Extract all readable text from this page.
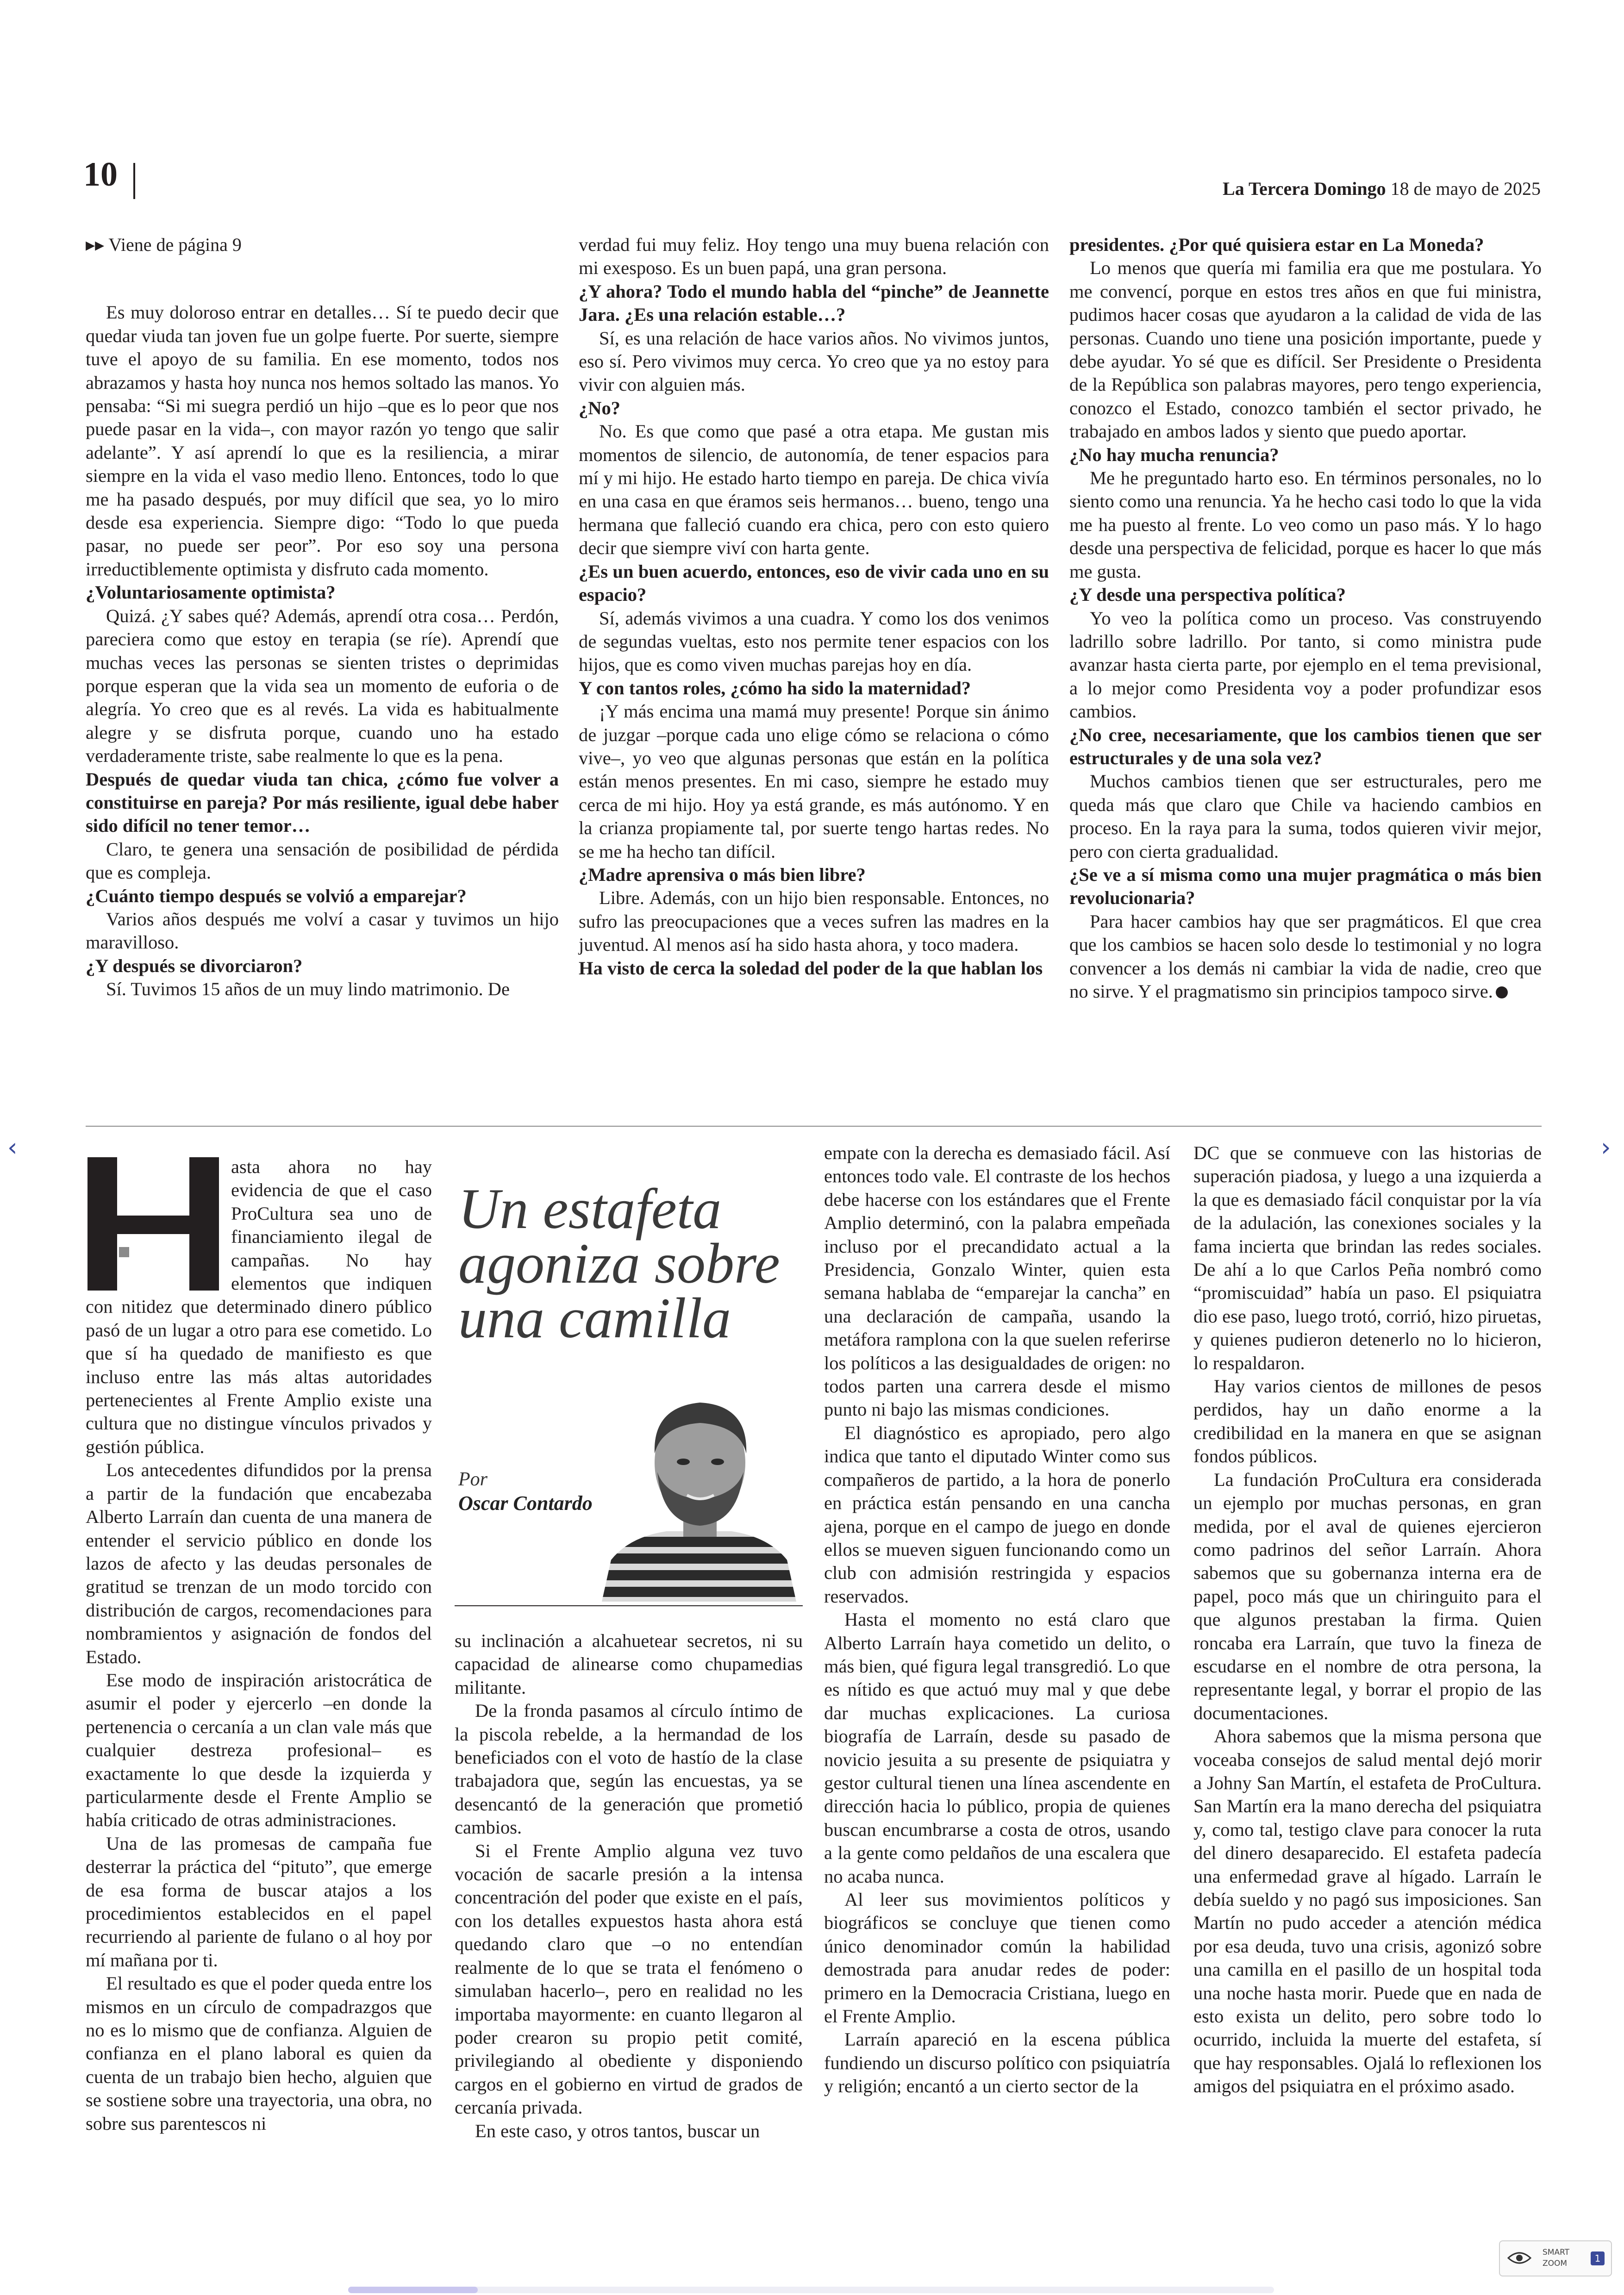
10	La Tercera Domingo 18 de mayo de 2025

▸▸ Viene de página 9

Es muy doloroso entrar en detalles… Sí te puedo decir que quedar viuda tan joven fue un golpe fuerte. Por suerte, siempre tuve el apoyo de su familia. En ese momento, todos nos abrazamos y hasta hoy nunca nos hemos soltado las manos. Yo pensaba: “Si mi suegra perdió un hijo –que es lo peor que nos puede pasar en la vida–, con mayor razón yo tengo que salir adelante”. Y así aprendí lo que es la resiliencia, a mirar siempre en la vida el vaso medio lleno. Entonces, todo lo que me ha pasado después, por muy difícil que sea, yo lo miro desde esa experiencia. Siempre digo: “Todo lo que pueda pasar, no puede ser peor”. Por eso soy una persona irreductiblemente optimista y disfruto cada momento.

¿Voluntariosamente optimista?

Quizá. ¿Y sabes qué? Además, aprendí otra cosa… Perdón, pareciera como que estoy en terapia (se ríe). Aprendí que muchas veces las personas se sienten tristes o deprimidas porque esperan que la vida sea un momento de euforia o de alegría. Yo creo que es al revés. La vida es habitualmente alegre y se disfruta porque, cuando uno ha estado verdaderamente triste, sabe realmente lo que es la pena.

Después de quedar viuda tan chica, ¿cómo fue volver a constituirse en pareja? Por más resiliente, igual debe haber sido difícil no tener temor…

Claro, te genera una sensación de posibilidad de pérdida que es compleja.

¿Cuánto tiempo después se volvió a emparejar?

Varios años después me volví a casar y tuvimos un hijo maravilloso.

¿Y después se divorciaron?

Sí. Tuvimos 15 años de un muy lindo matrimonio. De

verdad fui muy feliz. Hoy tengo una muy buena relación con mi exesposo. Es un buen papá, una gran persona.

¿Y ahora? Todo el mundo habla del “pinche” de Jeannette Jara. ¿Es una relación estable…?

Sí, es una relación de hace varios años. No vivimos juntos, eso sí. Pero vivimos muy cerca. Yo creo que ya no estoy para vivir con alguien más.

¿No?

No. Es que como que pasé a otra etapa. Me gustan mis momentos de silencio, de autonomía, de tener espacios para mí y mi hijo. He estado harto tiempo en pareja. De chica vivía en una casa en que éramos seis hermanos… bueno, tengo una hermana que falleció cuando era chica, pero con esto quiero decir que siempre viví con harta gente.

¿Es un buen acuerdo, entonces, eso de vivir cada uno en su espacio?

Sí, además vivimos a una cuadra. Y como los dos venimos de segundas vueltas, esto nos permite tener espacios con los hijos, que es como viven muchas parejas hoy en día.

Y con tantos roles, ¿cómo ha sido la maternidad?

¡Y más encima una mamá muy presente! Porque sin ánimo de juzgar –porque cada uno elige cómo se relaciona o cómo vive–, yo veo que algunas personas que están en la política están menos presentes. En mi caso, siempre he estado muy cerca de mi hijo. Hoy ya está grande, es más autónomo. Y en la crianza propiamente tal, por suerte tengo hartas redes. No se me ha hecho tan difícil.

¿Madre aprensiva o más bien libre?

Libre. Además, con un hijo bien responsable. Entonces, no sufro las preocupaciones que a veces sufren las madres en la juventud. Al menos así ha sido hasta ahora, y toco madera.

Ha visto de cerca la soledad del poder de la que hablan los

presidentes. ¿Por qué quisiera estar en La Moneda?

Lo menos que quería mi familia era que me postulara. Yo me convencí, porque en estos tres años en que fui ministra, pudimos hacer cosas que ayudaron a la calidad de vida de las personas. Cuando uno tiene una posición importante, puede y debe ayudar. Yo sé que es difícil. Ser Presidente o Presidenta de la República son palabras mayores, pero tengo experiencia, conozco el Estado, conozco también el sector privado, he trabajado en ambos lados y siento que puedo aportar.

¿No hay mucha renuncia?

Me he preguntado harto eso. En términos personales, no lo siento como una renuncia. Ya he hecho casi todo lo que la vida me ha puesto al frente. Lo veo como un paso más. Y lo hago desde una perspectiva de felicidad, porque es hacer lo que más me gusta.

¿Y desde una perspectiva política?

Yo veo la política como un proceso. Vas construyendo ladrillo sobre ladrillo. Por tanto, si como ministra pude avanzar hasta cierta parte, por ejemplo en el tema previsional, a lo mejor como Presidenta voy a poder profundizar esos cambios.

¿No cree, necesariamente, que los cambios tienen que ser estructurales y de una sola vez?

Muchos cambios tienen que ser estructurales, pero me queda más que claro que Chile va haciendo cambios en proceso. En la raya para la suma, todos quieren vivir mejor, pero con cierta gradualidad.

¿Se ve a sí misma como una mujer pragmática o más bien revolucionaria?

Para hacer cambios hay que ser pragmáticos. El que crea que los cambios se hacen solo desde lo testimonial y no logra convencer a los demás ni cambiar la vida de nadie, creo que no sirve. Y el pragmatismo sin principios tampoco sirve.

‹	›

asta ahora no hay evidencia de que el caso ProCultura sea uno de financiamiento ilegal de campañas. No hay elementos que indiquen con nitidez que determinado dinero público pasó de un lugar a otro para ese cometido. Lo que sí ha quedado de manifiesto es que incluso entre las más altas autoridades pertenecientes al Frente Amplio existe una cultura que no distingue vínculos privados y gestión pública.

Los antecedentes difundidos por la prensa a partir de la fundación que encabezaba Alberto Larraín dan cuenta de una manera de entender el servicio público en donde los lazos de afecto y las deudas personales de gratitud se trenzan de un modo torcido con distribución de cargos, recomendaciones para nombramientos y asignación de fondos del Estado.

Ese modo de inspiración aristocrática de asumir el poder y ejercerlo –en donde la pertenencia o cercanía a un clan vale más que cualquier destreza profesional– es exactamente lo que desde la izquierda y particularmente desde el Frente Amplio se había criticado de otras administraciones.

Una de las promesas de campaña fue desterrar la práctica del “pituto”, que emerge de esa forma de buscar atajos a los procedimientos establecidos en el papel recurriendo al pariente de fulano o al hoy por mí mañana por ti.

El resultado es que el poder queda entre los mismos en un círculo de compadrazgos que no es lo mismo que de confianza. Alguien de confianza en el plano laboral es quien da cuenta de un trabajo bien hecho, alguien que se sostiene sobre una trayectoria, una obra, no sobre sus parentescos ni

Un estafeta agoniza sobre una camilla
Por
Oscar Contardo

su inclinación a alcahuetear secretos, ni su capacidad de alinearse como chupamedias militante.

De la fronda pasamos al círculo íntimo de la piscola rebelde, a la hermandad de los beneficiados con el voto de hastío de la clase trabajadora que, según las encuestas, ya se desencantó de la generación que prometió cambios.

Si el Frente Amplio alguna vez tuvo vocación de sacarle presión a la intensa concentración del poder que existe en el país, con los detalles expuestos hasta ahora está quedando claro que –o no entendían realmente de lo que se trata el fenómeno o simulaban hacerlo–, pero en realidad no les importaba mayormente: en cuanto llegaron al poder crearon su propio petit comité, privilegiando al obediente y disponiendo cargos en el gobierno en virtud de grados de cercanía privada.

En este caso, y otros tantos, buscar un

empate con la derecha es demasiado fácil. Así entonces todo vale. El contraste de los hechos debe hacerse con los estándares que el Frente Amplio determinó, con la palabra empeñada incluso por el precandidato actual a la Presidencia, Gonzalo Winter, quien esta semana hablaba de “emparejar la cancha” en una declaración de campaña, usando la metáfora ramplona con la que suelen referirse los políticos a las desigualdades de origen: no todos parten una carrera desde el mismo punto ni bajo las mismas condiciones.

El diagnóstico es apropiado, pero algo indica que tanto el diputado Winter como sus compañeros de partido, a la hora de ponerlo en práctica están pensando en una cancha ajena, porque en el campo de juego en donde ellos se mueven siguen funcionando como un club con admisión restringida y espacios reservados.

Hasta el momento no está claro que Alberto Larraín haya cometido un delito, o más bien, qué figura legal transgredió. Lo que es nítido es que actuó muy mal y que debe dar muchas explicaciones. La curiosa biografía de Larraín, desde su pasado de novicio jesuita a su presente de psiquiatra y gestor cultural tienen una línea ascendente en dirección hacia lo público, propia de quienes buscan encumbrarse a costa de otros, usando a la gente como peldaños de una escalera que no acaba nunca.

Al leer sus movimientos políticos y biográficos se concluye que tienen como único denominador común la habilidad demostrada para anudar redes de poder: primero en la Democracia Cristiana, luego en el Frente Amplio.

Larraín apareció en la escena pública fundiendo un discurso político con psiquiatría y religión; encantó a un cierto sector de la

DC que se conmueve con las historias de superación piadosa, y luego a una izquierda a la que es demasiado fácil conquistar por la vía de la adulación, las conexiones sociales y la fama incierta que brindan las redes sociales. De ahí a lo que Carlos Peña nombró como “promiscuidad” había un paso. El psiquiatra dio ese paso, luego trotó, corrió, hizo piruetas, y quienes pudieron detenerlo no lo hicieron, lo respaldaron.

Hay varios cientos de millones de pesos perdidos, hay un daño enorme a la credibilidad en la manera en que se asignan fondos públicos.

La fundación ProCultura era considerada un ejemplo por muchas personas, en gran medida, por el aval de quienes ejercieron como padrinos del señor Larraín. Ahora sabemos que su gobernanza interna era de papel, poco más que un chiringuito para el que algunos prestaban la firma. Quien roncaba era Larraín, que tuvo la fineza de escudarse en el nombre de otra persona, la representante legal, y borrar el propio de las documentaciones.

Ahora sabemos que la misma persona que voceaba consejos de salud mental dejó morir a Johny San Martín, el estafeta de ProCultura. San Martín era la mano derecha del psiquiatra y, como tal, testigo clave para conocer la ruta del dinero desaparecido. El estafeta padecía una enfermedad grave al hígado. Larraín le debía sueldo y no pagó sus imposiciones. San Martín no pudo acceder a atención médica por esa deuda, tuvo una crisis, agonizó sobre una camilla en el pasillo de un hospital toda una noche hasta morir. Puede que en nada de esto exista un delito, pero sobre todo lo ocurrido, incluida la muerte del estafeta, sí que hay responsables. Ojalá lo reflexionen los amigos del psiquiatra en el próximo asado.

SMART ZOOM	1
